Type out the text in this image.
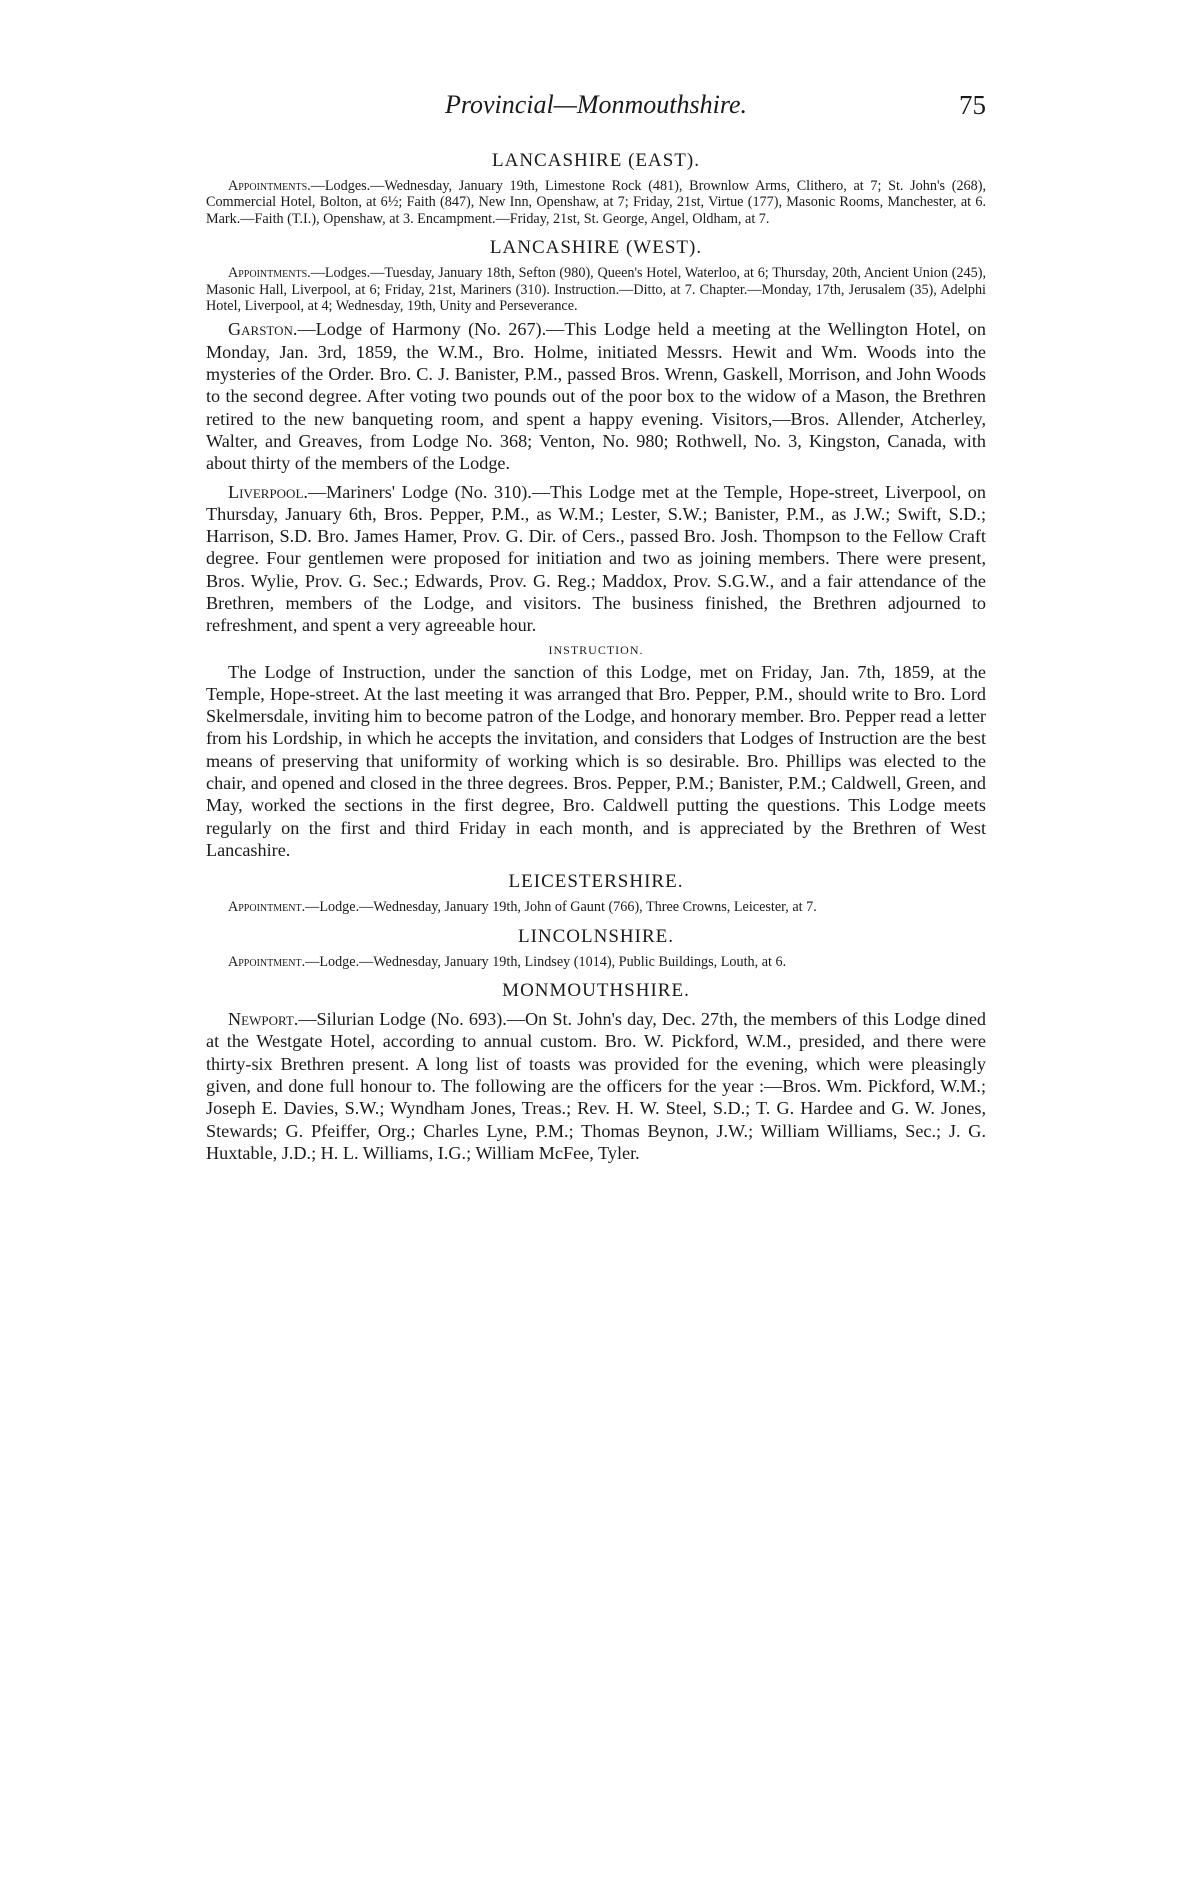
Provincial—Monmouthshire.	75
LANCASHIRE (EAST).

Appointments.—Lodges.—Wednesday, January 19th, Limestone Rock (481), Brownlow Arms, Clithero, at 7; St. John's (268), Commercial Hotel, Bolton, at 6½; Faith (847), New Inn, Openshaw, at 7; Friday, 21st, Virtue (177), Masonic Rooms, Manchester, at 6. Mark.—Faith (T.I.), Openshaw, at 3. Encampment.—Friday, 21st, St. George, Angel, Oldham, at 7.

LANCASHIRE (WEST).

Appointments.—Lodges.—Tuesday, January 18th, Sefton (980), Queen's Hotel, Waterloo, at 6; Thursday, 20th, Ancient Union (245), Masonic Hall, Liverpool, at 6; Friday, 21st, Mariners (310). Instruction.—Ditto, at 7. Chapter.—Monday, 17th, Jerusalem (35), Adelphi Hotel, Liverpool, at 4; Wednesday, 19th, Unity and Perseverance.

Garston.—Lodge of Harmony (No. 267).—This Lodge held a meeting at the Wellington Hotel, on Monday, Jan. 3rd, 1859, the W.M., Bro. Holme, initiated Messrs. Hewit and Wm. Woods into the mysteries of the Order. Bro. C. J. Banister, P.M., passed Bros. Wrenn, Gaskell, Morrison, and John Woods to the second degree. After voting two pounds out of the poor box to the widow of a Mason, the Brethren retired to the new banqueting room, and spent a happy evening. Visitors,—Bros. Allender, Atcherley, Walter, and Greaves, from Lodge No. 368; Venton, No. 980; Rothwell, No. 3, Kingston, Canada, with about thirty of the members of the Lodge.

Liverpool.—Mariners' Lodge (No. 310).—This Lodge met at the Temple, Hope-street, Liverpool, on Thursday, January 6th, Bros. Pepper, P.M., as W.M.; Lester, S.W.; Banister, P.M., as J.W.; Swift, S.D.; Harrison, S.D. Bro. James Hamer, Prov. G. Dir. of Cers., passed Bro. Josh. Thompson to the Fellow Craft degree. Four gentlemen were proposed for initiation and two as joining members. There were present, Bros. Wylie, Prov. G. Sec.; Edwards, Prov. G. Reg.; Maddox, Prov. S.G.W., and a fair attendance of the Brethren, members of the Lodge, and visitors. The business finished, the Brethren adjourned to refreshment, and spent a very agreeable hour.

INSTRUCTION.

The Lodge of Instruction, under the sanction of this Lodge, met on Friday, Jan. 7th, 1859, at the Temple, Hope-street. At the last meeting it was arranged that Bro. Pepper, P.M., should write to Bro. Lord Skelmersdale, inviting him to become patron of the Lodge, and honorary member. Bro. Pepper read a letter from his Lordship, in which he accepts the invitation, and considers that Lodges of Instruction are the best means of preserving that uniformity of working which is so desirable. Bro. Phillips was elected to the chair, and opened and closed in the three degrees. Bros. Pepper, P.M.; Banister, P.M.; Caldwell, Green, and May, worked the sections in the first degree, Bro. Caldwell putting the questions. This Lodge meets regularly on the first and third Friday in each month, and is appreciated by the Brethren of West Lancashire.

LEICESTERSHIRE.

Appointment.—Lodge.—Wednesday, January 19th, John of Gaunt (766), Three Crowns, Leicester, at 7.

LINCOLNSHIRE.

Appointment.—Lodge.—Wednesday, January 19th, Lindsey (1014), Public Buildings, Louth, at 6.

MONMOUTHSHIRE.

Newport.—Silurian Lodge (No. 693).—On St. John's day, Dec. 27th, the members of this Lodge dined at the Westgate Hotel, according to annual custom. Bro. W. Pickford, W.M., presided, and there were thirty-six Brethren present. A long list of toasts was provided for the evening, which were pleasingly given, and done full honour to. The following are the officers for the year :—Bros. Wm. Pickford, W.M.; Joseph E. Davies, S.W.; Wyndham Jones, Treas.; Rev. H. W. Steel, S.D.; T. G. Hardee and G. W. Jones, Stewards; G. Pfeiffer, Org.; Charles Lyne, P.M.; Thomas Beynon, J.W.; William Williams, Sec.; J. G. Huxtable, J.D.; H. L. Williams, I.G.; William McFee, Tyler.
